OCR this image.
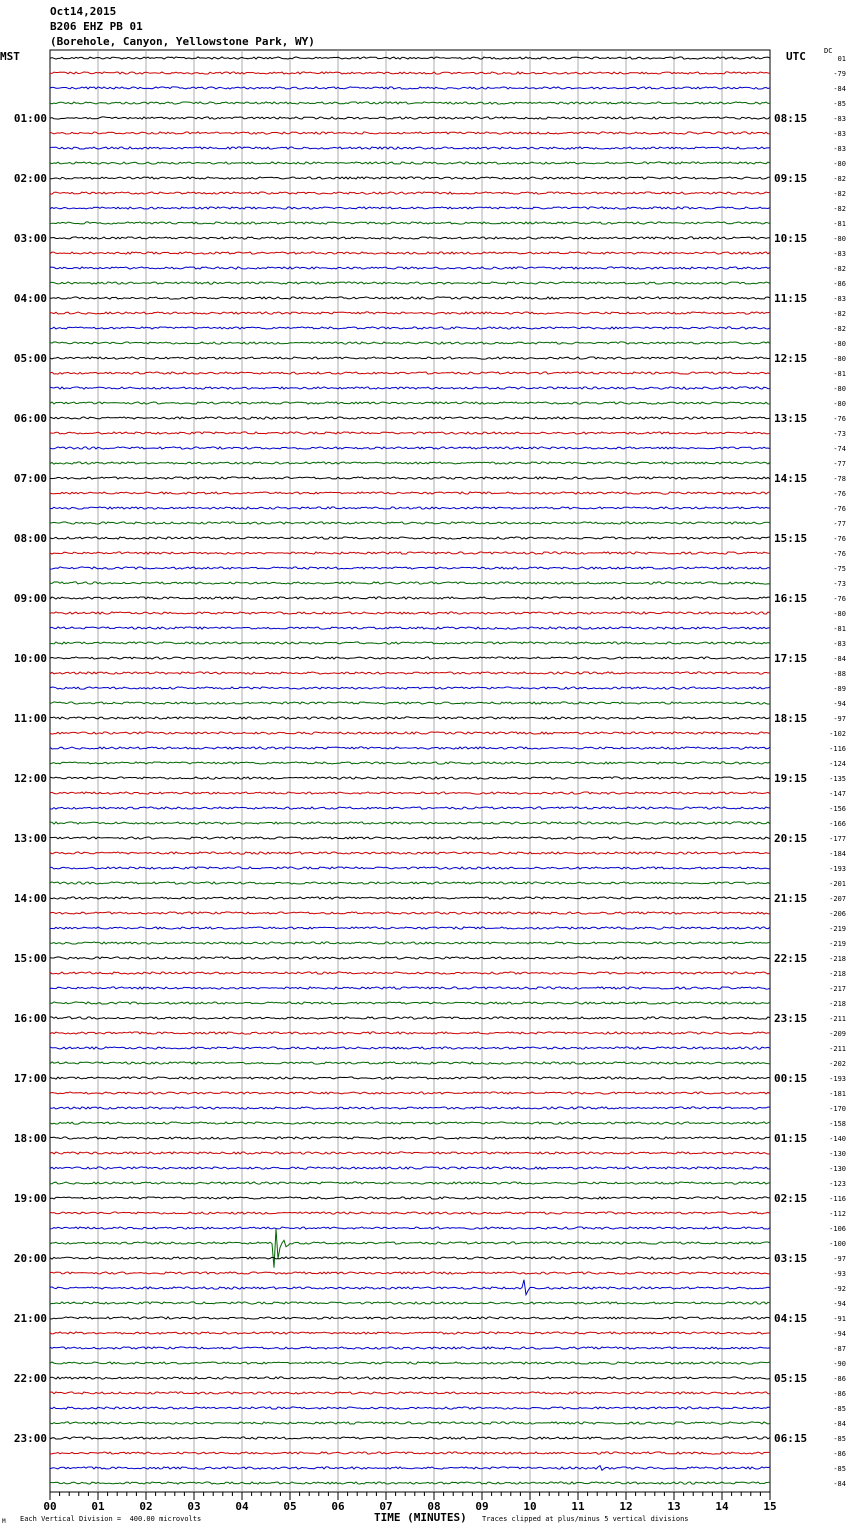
Oct14,2015
B206 EHZ PB 01
(Borehole, Canyon, Yellowstone Park, WY)
MST	UTC	DC
00	01	02	03	04	05	06	07	08	09	10	11	12	13	14	15
01
-79
-84
-85
-83
-83
-83
-80
-82
-82
-82
-81
-80
-83
-82
-86
-83
-82
-82
-80
-80
-81
-80
-80
-76
-73
-74
-77
-78
-76
-76
-77
-76
-76
-75
-73
-76
-80
-81
-83
-84
-88
-89
-94
-97
-102
-116
-124
-135
-147
-156
-166
-177
-184
-193
-201
-207
-206
-219
-219
-218
-218
-217
-218
-211
-209
-211
-202
-193
-181
-170
-158
-140
-130
-130
-123
-116
-112
-106
-100
-97
-93
-92
-94
-91
-94
-87
-90
-86
-86
-85
-84
-85
-86
-85
-84
01:00
02:00
03:00
04:00
05:00
06:00
07:00
08:00
09:00
10:00
11:00
12:00
13:00
14:00
15:00
16:00
17:00
18:00
19:00
20:00
21:00
22:00
23:00
08:15
09:15
10:15
11:15
12:15
13:15
14:15
15:15
16:15
17:15
18:15
19:15
20:15
21:15
22:15
23:15
00:15
01:15
02:15
03:15
04:15
05:15
06:15
TIME (MINUTES)
Each Vertical Division =  400.00 microvolts	Traces clipped at plus/minus 5 vertical divisions
M
